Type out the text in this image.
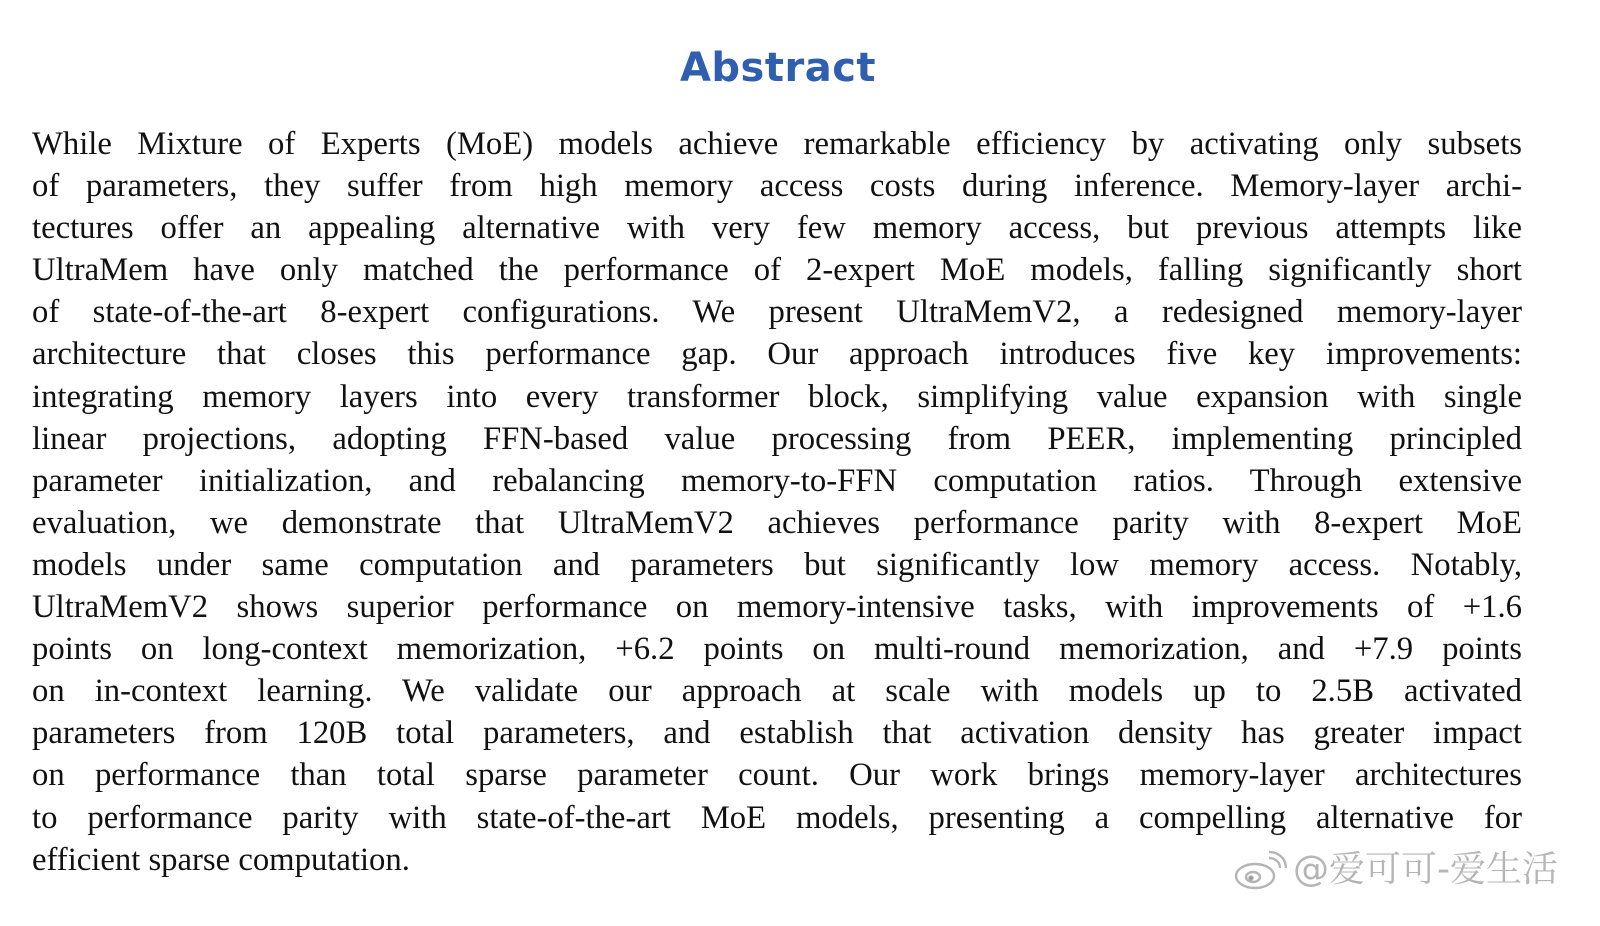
Abstract
While Mixture of Experts (MoE) models achieve remarkable efficiency by activating only subsets
of parameters, they suffer from high memory access costs during inference. Memory-layer archi-
tectures offer an appealing alternative with very few memory access, but previous attempts like
UltraMem have only matched the performance of 2-expert MoE models, falling significantly short
of state-of-the-art 8-expert configurations. We present UltraMemV2, a redesigned memory-layer
architecture that closes this performance gap. Our approach introduces five key improvements:
integrating memory layers into every transformer block, simplifying value expansion with single
linear projections, adopting FFN-based value processing from PEER, implementing principled
parameter initialization, and rebalancing memory-to-FFN computation ratios. Through extensive
evaluation, we demonstrate that UltraMemV2 achieves performance parity with 8-expert MoE
models under same computation and parameters but significantly low memory access. Notably,
UltraMemV2 shows superior performance on memory-intensive tasks, with improvements of +1.6
points on long-context memorization, +6.2 points on multi-round memorization, and +7.9 points
on in-context learning. We validate our approach at scale with models up to 2.5B activated
parameters from 120B total parameters, and establish that activation density has greater impact
on performance than total sparse parameter count. Our work brings memory-layer architectures
to performance parity with state-of-the-art MoE models, presenting a compelling alternative for
efficient sparse computation.	@爱可可-爱生活
